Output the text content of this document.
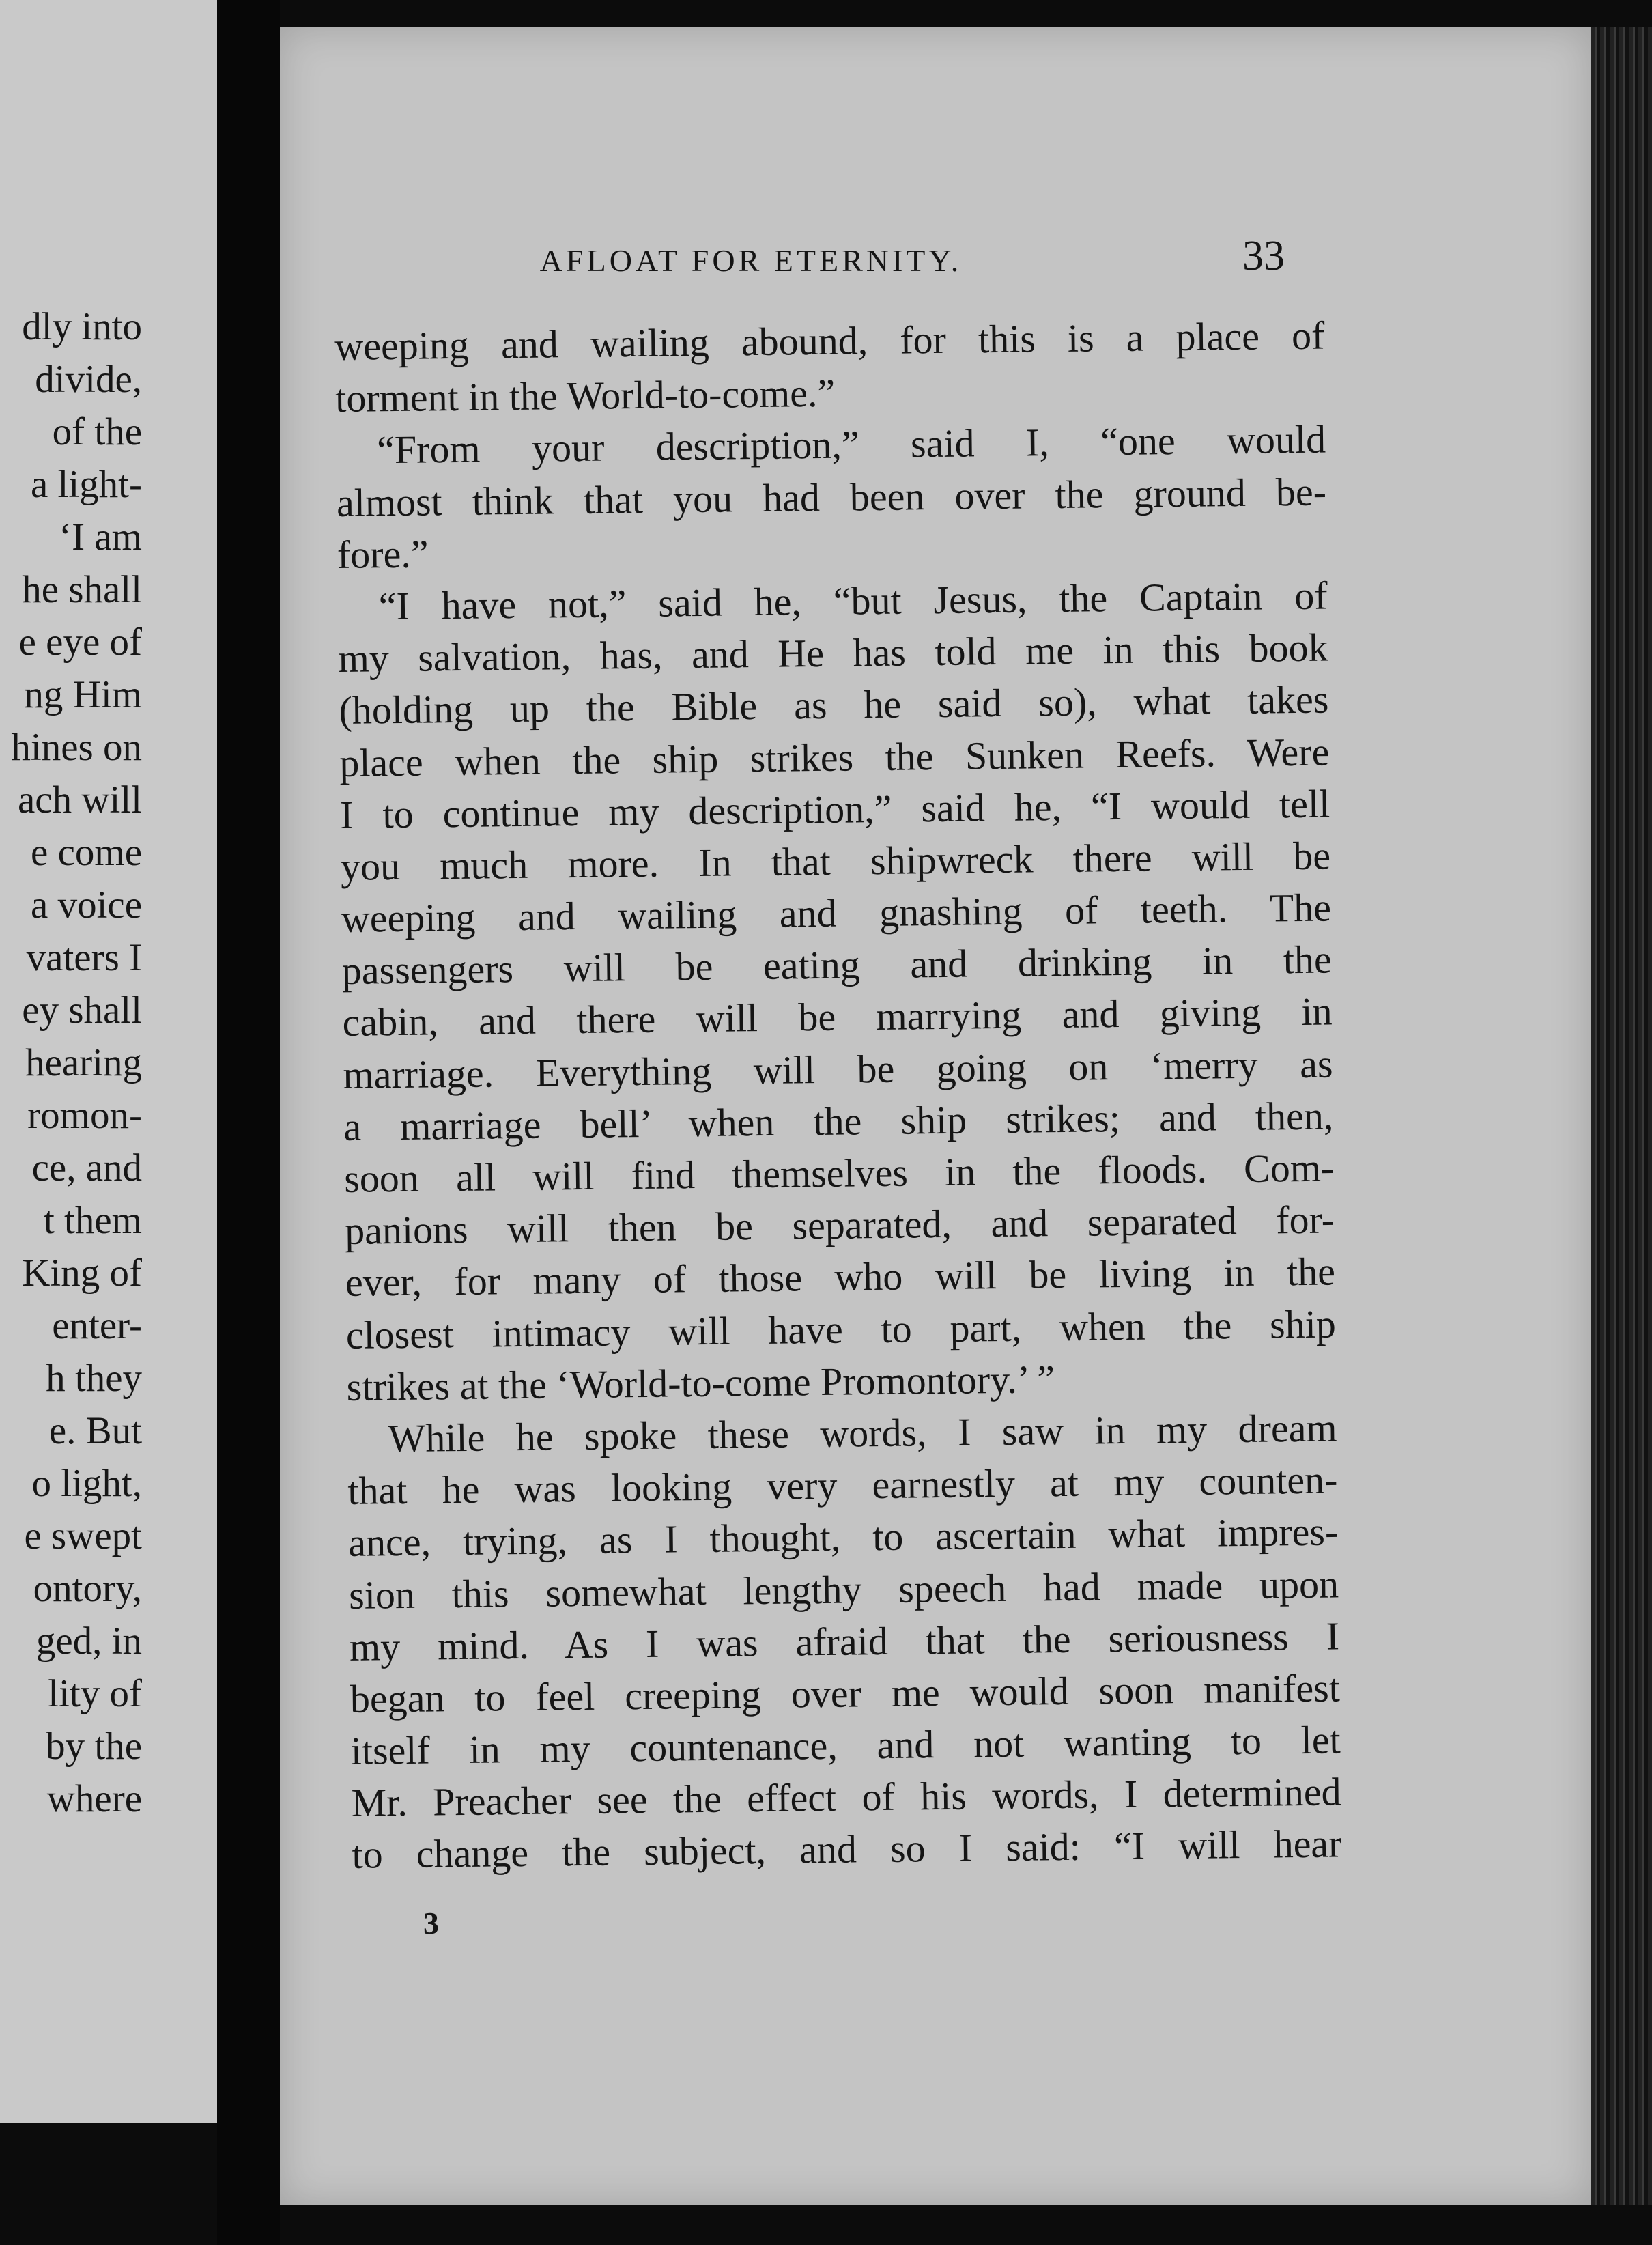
dly into
divide,
of the
a light-
‘I am
he shall
e eye of
ng Him
hines on
ach will
e come
a voice
vaters I
ey shall
hearing
romon-
ce, and
t them
King of
enter-
h they
e. But
o light,
e swept
ontory,
ged, in
lity of
by the
where
AFLOAT FOR ETERNITY.	33

weeping and wailing abound, for this is a place of
torment in the World-to-come.”
“From your description,” said I, “one would
almost think that you had been over the ground be-
fore.”
“I have not,” said he, “but Jesus, the Captain of
my salvation, has, and He has told me in this book
(holding up the Bible as he said so), what takes
place when the ship strikes the Sunken Reefs. Were
I to continue my description,” said he, “I would tell
you much more. In that shipwreck there will be
weeping and wailing and gnashing of teeth. The
passengers will be eating and drinking in the
cabin, and there will be marrying and giving in
marriage. Everything will be going on ‘merry as
a marriage bell’ when the ship strikes; and then,
soon all will find themselves in the floods. Com-
panions will then be separated, and separated for-
ever, for many of those who will be living in the
closest intimacy will have to part, when the ship
strikes at the ‘World-to-come Promontory.’ ”
While he spoke these words, I saw in my dream
that he was looking very earnestly at my counten-
ance, trying, as I thought, to ascertain what impres-
sion this somewhat lengthy speech had made upon
my mind. As I was afraid that the seriousness I
began to feel creeping over me would soon manifest
itself in my countenance, and not wanting to let
Mr. Preacher see the effect of his words, I determined
to change the subject, and so I said: “I will hear

3
